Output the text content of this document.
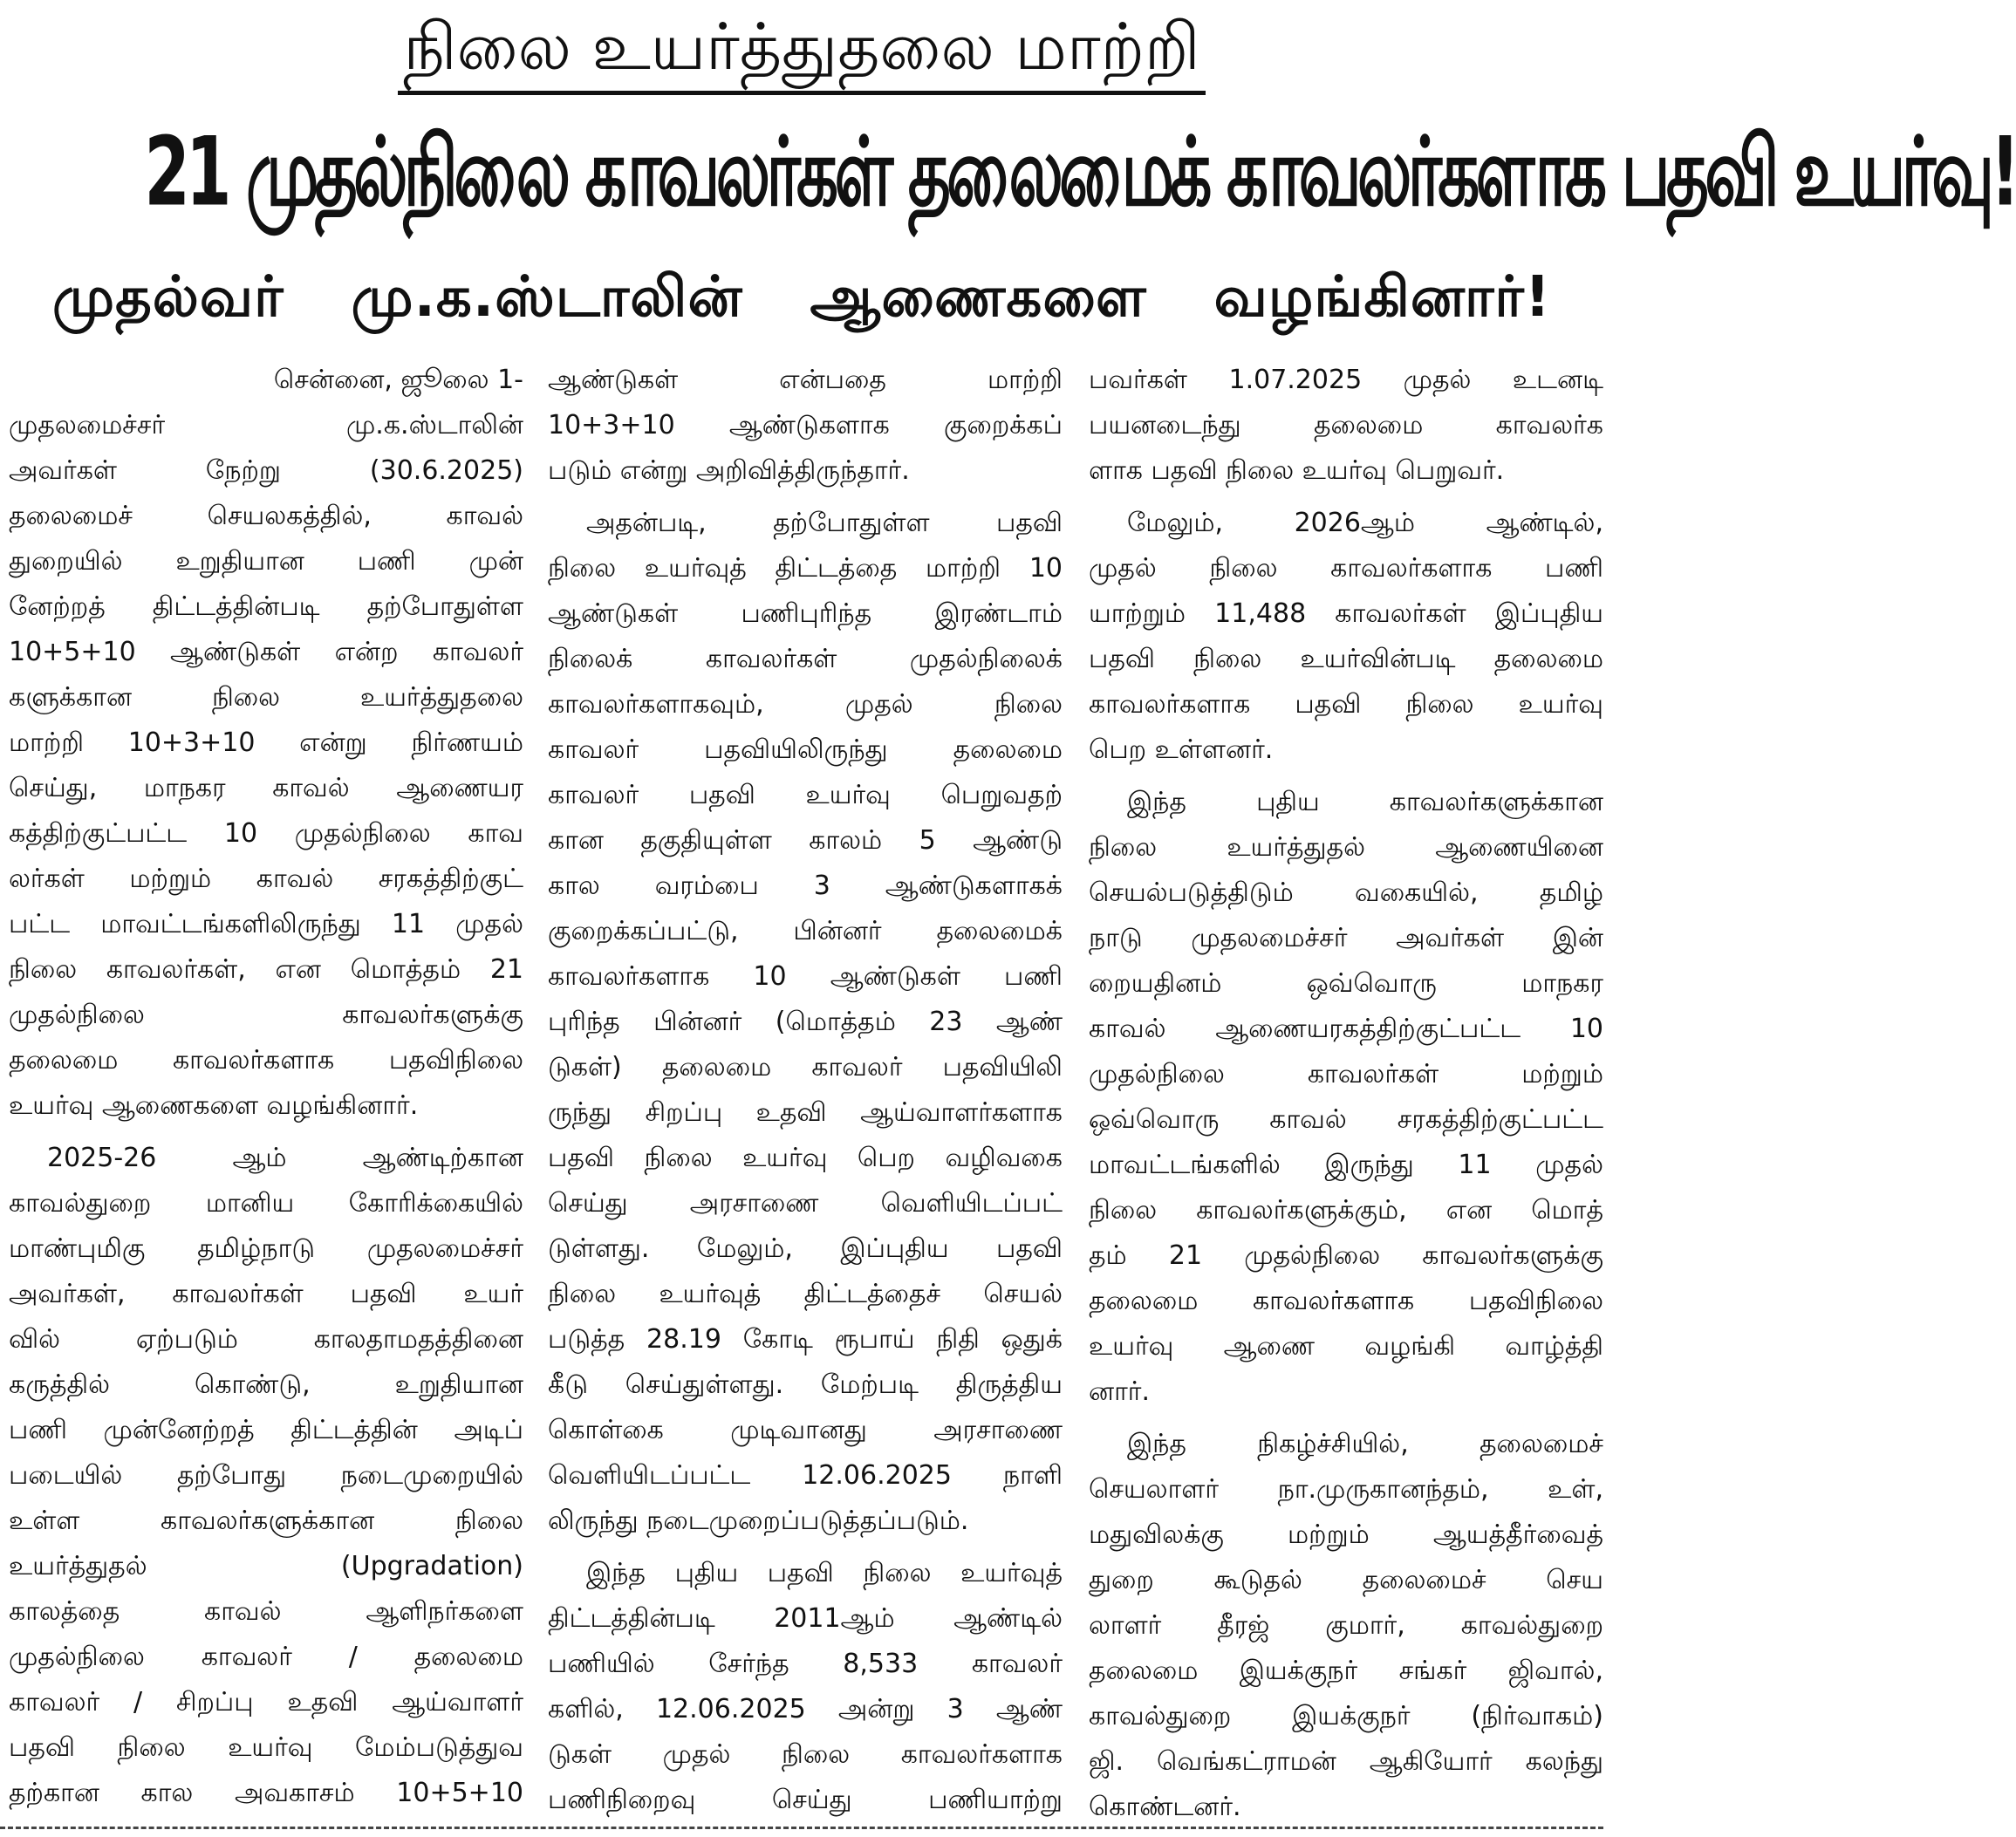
நிலை உயர்த்துதலை மாற்றி
21 முதல்நிலை காவலர்கள் தலைமைக் காவலர்களாக பதவி உயர்வு!
முதல்வர் மு.க.ஸ்டாலின் ஆணைகளை வழங்கினார்!
சென்னை, ஜூலை 1-
முதலமைச்சர் மு.க.ஸ்டாலின்
அவர்கள் நேற்று (30.6.2025)
தலைமைச் செயலகத்தில், காவல்
துறையில் உறுதியான பணி முன்
னேற்றத் திட்டத்தின்படி தற்போதுள்ள
10+5+10 ஆண்டுகள் என்ற காவலர்
களுக்கான நிலை உயர்த்துதலை
மாற்றி 10+3+10 என்று நிர்ணயம்
செய்து, மாநகர காவல் ஆணையர
கத்திற்குட்பட்ட 10 முதல்நிலை காவ
லர்கள் மற்றும் காவல் சரகத்திற்குட்
பட்ட மாவட்டங்களிலிருந்து 11 முதல்
நிலை காவலர்கள், என மொத்தம் 21
முதல்நிலை காவலர்களுக்கு
தலைமை காவலர்களாக பதவிநிலை
உயர்வு ஆணைகளை வழங்கினார்.
2025-26 ஆம் ஆண்டிற்கான
காவல்துறை மானிய கோரிக்கையில்
மாண்புமிகு தமிழ்நாடு முதலமைச்சர்
அவர்கள், காவலர்கள் பதவி உயர்
வில் ஏற்படும் காலதாமதத்தினை
கருத்தில் கொண்டு, உறுதியான
பணி முன்னேற்றத் திட்டத்தின் அடிப்
படையில் தற்போது நடைமுறையில்
உள்ள காவலர்களுக்கான நிலை
உயர்த்துதல் (Upgradation)
காலத்தை காவல் ஆளிநர்களை
முதல்நிலை காவலர் / தலைமை
காவலர் / சிறப்பு உதவி ஆய்வாளர்
பதவி நிலை உயர்வு மேம்படுத்துவ
தற்கான கால அவகாசம் 10+5+10
ஆண்டுகள் என்பதை மாற்றி
10+3+10 ஆண்டுகளாக குறைக்கப்
படும் என்று அறிவித்திருந்தார்.
அதன்படி, தற்போதுள்ள பதவி
நிலை உயர்வுத் திட்டத்தை மாற்றி 10
ஆண்டுகள் பணிபுரிந்த இரண்டாம்
நிலைக் காவலர்கள் முதல்நிலைக்
காவலர்களாகவும், முதல் நிலை
காவலர் பதவியிலிருந்து தலைமை
காவலர் பதவி உயர்வு பெறுவதற்
கான தகுதியுள்ள காலம் 5 ஆண்டு
கால வரம்பை 3 ஆண்டுகளாகக்
குறைக்கப்பட்டு, பின்னர் தலைமைக்
காவலர்களாக 10 ஆண்டுகள் பணி
புரிந்த பின்னர் (மொத்தம் 23 ஆண்
டுகள்) தலைமை காவலர் பதவியிலி
ருந்து சிறப்பு உதவி ஆய்வாளர்களாக
பதவி நிலை உயர்வு பெற வழிவகை
செய்து அரசாணை வெளியிடப்பட்
டுள்ளது. மேலும், இப்புதிய பதவி
நிலை உயர்வுத் திட்டத்தைச் செயல்
படுத்த 28.19 கோடி ரூபாய் நிதி ஒதுக்
கீடு செய்துள்ளது. மேற்படி திருத்திய
கொள்கை முடிவானது அரசாணை
வெளியிடப்பட்ட 12.06.2025 நாளி
லிருந்து நடைமுறைப்படுத்தப்படும்.
இந்த புதிய பதவி நிலை உயர்வுத்
திட்டத்தின்படி 2011ஆம் ஆண்டில்
பணியில் சேர்ந்த 8,533 காவலர்
களில், 12.06.2025 அன்று 3 ஆண்
டுகள் முதல் நிலை காவலர்களாக
பணிநிறைவு செய்து பணியாற்று
பவர்கள் 1.07.2025 முதல் உடனடி
பயனடைந்து தலைமை காவலர்க
ளாக பதவி நிலை உயர்வு பெறுவர்.
மேலும், 2026ஆம் ஆண்டில்,
முதல் நிலை காவலர்களாக பணி
யாற்றும் 11,488 காவலர்கள் இப்புதிய
பதவி நிலை உயர்வின்படி தலைமை
காவலர்களாக பதவி நிலை உயர்வு
பெற உள்ளனர்.
இந்த புதிய காவலர்களுக்கான
நிலை உயர்த்துதல் ஆணையினை
செயல்படுத்திடும் வகையில், தமிழ்
நாடு முதலமைச்சர் அவர்கள் இன்
றையதினம் ஒவ்வொரு மாநகர
காவல் ஆணையரகத்திற்குட்பட்ட 10
முதல்நிலை காவலர்கள் மற்றும்
ஒவ்வொரு காவல் சரகத்திற்குட்பட்ட
மாவட்டங்களில் இருந்து 11 முதல்
நிலை காவலர்களுக்கும், என மொத்
தம் 21 முதல்நிலை காவலர்களுக்கு
தலைமை காவலர்களாக பதவிநிலை
உயர்வு ஆணை வழங்கி வாழ்த்தி
னார்.
இந்த நிகழ்ச்சியில், தலைமைச்
செயலாளர் நா.முருகானந்தம், உள்,
மதுவிலக்கு மற்றும் ஆயத்தீர்வைத்
துறை கூடுதல் தலைமைச் செய
லாளர் தீரஜ் குமார், காவல்துறை
தலைமை இயக்குநர் சங்கர் ஜிவால்,
காவல்துறை இயக்குநர் (நிர்வாகம்)
ஜி. வெங்கட்ராமன் ஆகியோர் கலந்து
கொண்டனர்.
